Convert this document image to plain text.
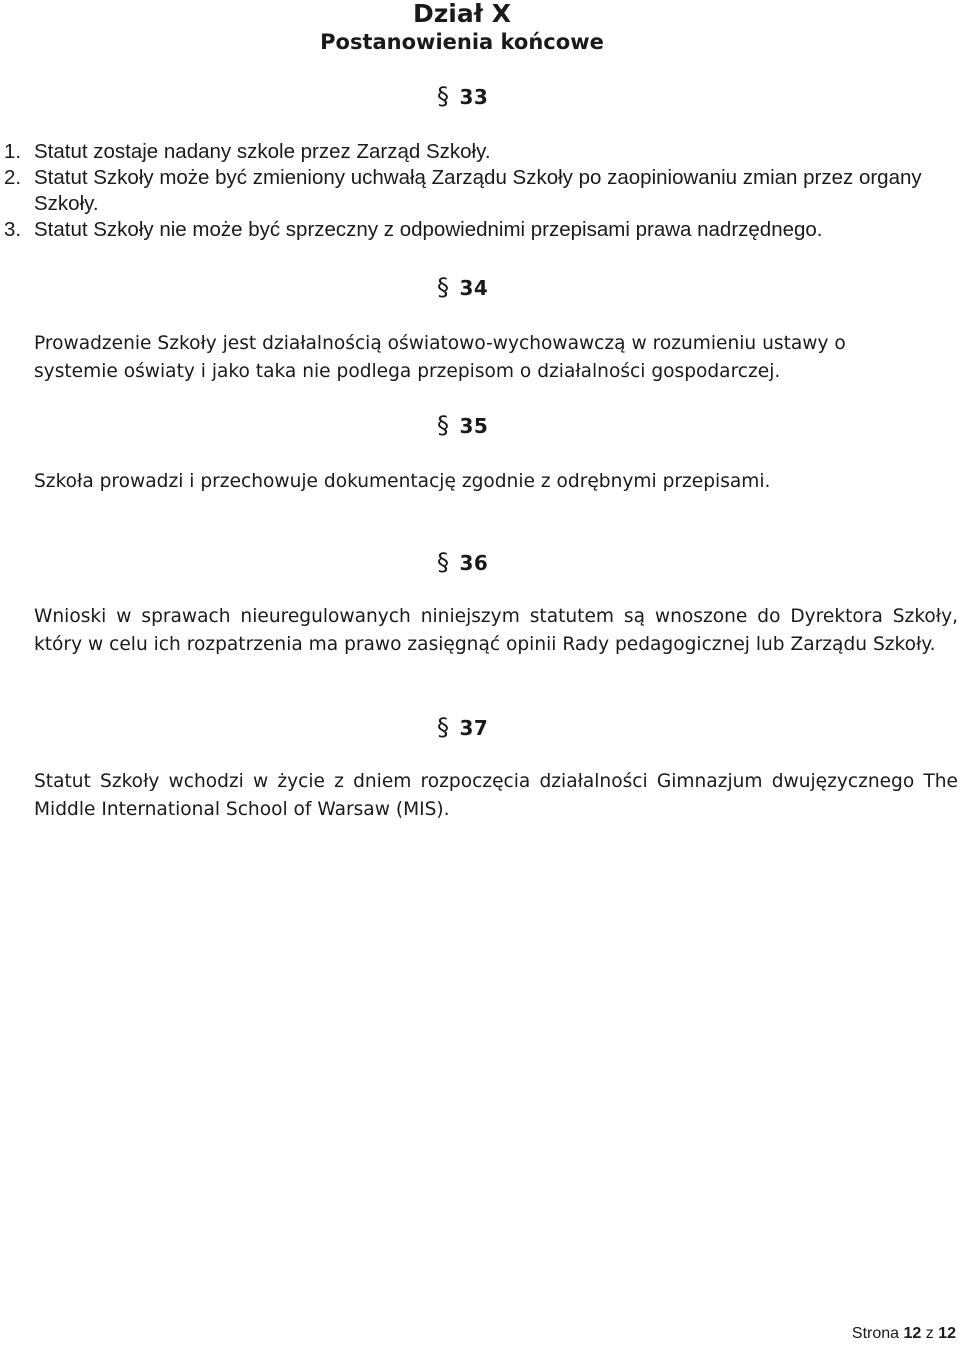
Dział X
Postanowienia końcowe
§ 33
1. Statut zostaje nadany szkole przez Zarząd Szkoły.
2. Statut Szkoły może być zmieniony uchwałą Zarządu Szkoły po zaopiniowaniu zmian przez organy Szkoły.
3. Statut Szkoły nie może być sprzeczny z odpowiednimi przepisami prawa nadrzędnego.
§ 34
Prowadzenie Szkoły jest działalnością oświatowo-wychowawczą w rozumieniu ustawy o systemie oświaty i jako taka nie podlega przepisom o działalności gospodarczej.
§ 35
Szkoła prowadzi i przechowuje dokumentację zgodnie z odrębnymi przepisami.
§ 36
Wnioski w sprawach nieuregulowanych niniejszym statutem są wnoszone do Dyrektora Szkoły, który w celu ich rozpatrzenia ma prawo zasięgnąć opinii Rady pedagogicznej lub Zarządu Szkoły.
§ 37
Statut Szkoły wchodzi w życie z dniem rozpoczęcia działalności Gimnazjum dwujęzycznego The Middle International School of Warsaw (MIS).
Strona 12 z 12
